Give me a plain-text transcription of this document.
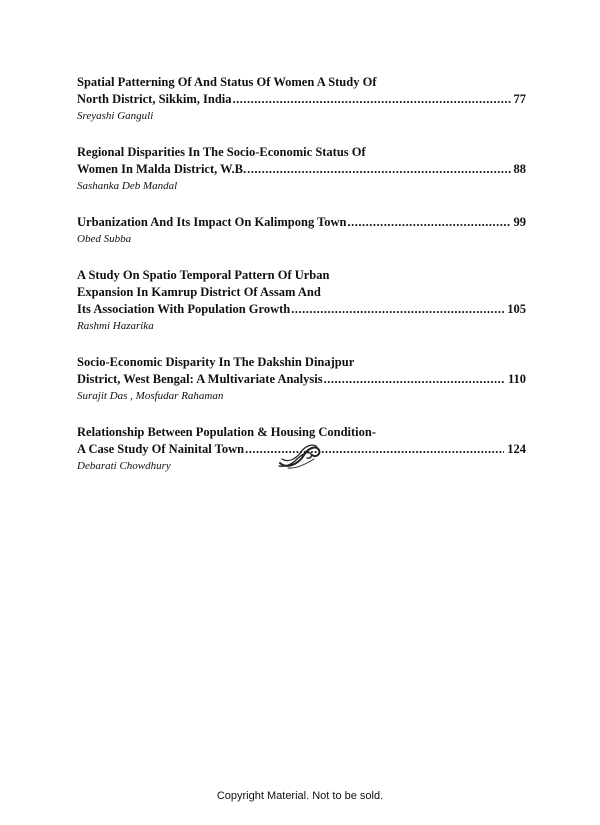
Spatial Patterning Of And Status Of Women A Study Of
North District, Sikkim, India .....	77
Sreyashi Ganguli
Regional Disparities In The Socio-Economic Status Of
Women In Malda District, W.B. .....	88
Sashanka Deb Mandal
Urbanization And Its Impact On Kalimpong Town .....	99
Obed Subba
A Study On Spatio Temporal Pattern Of Urban
Expansion In Kamrup District Of Assam And
Its Association With Population Growth .....	105
Rashmi Hazarika
Socio-Economic Disparity In The Dakshin Dinajpur
District, West Bengal: A Multivariate Analysis .....	110
Surajit Das , Mosfudar Rahaman
Relationship Between Population & Housing Condition-
A Case Study Of Nainital Town .....	124
Debarati Chowdhury
Copyright Material. Not to be sold.
